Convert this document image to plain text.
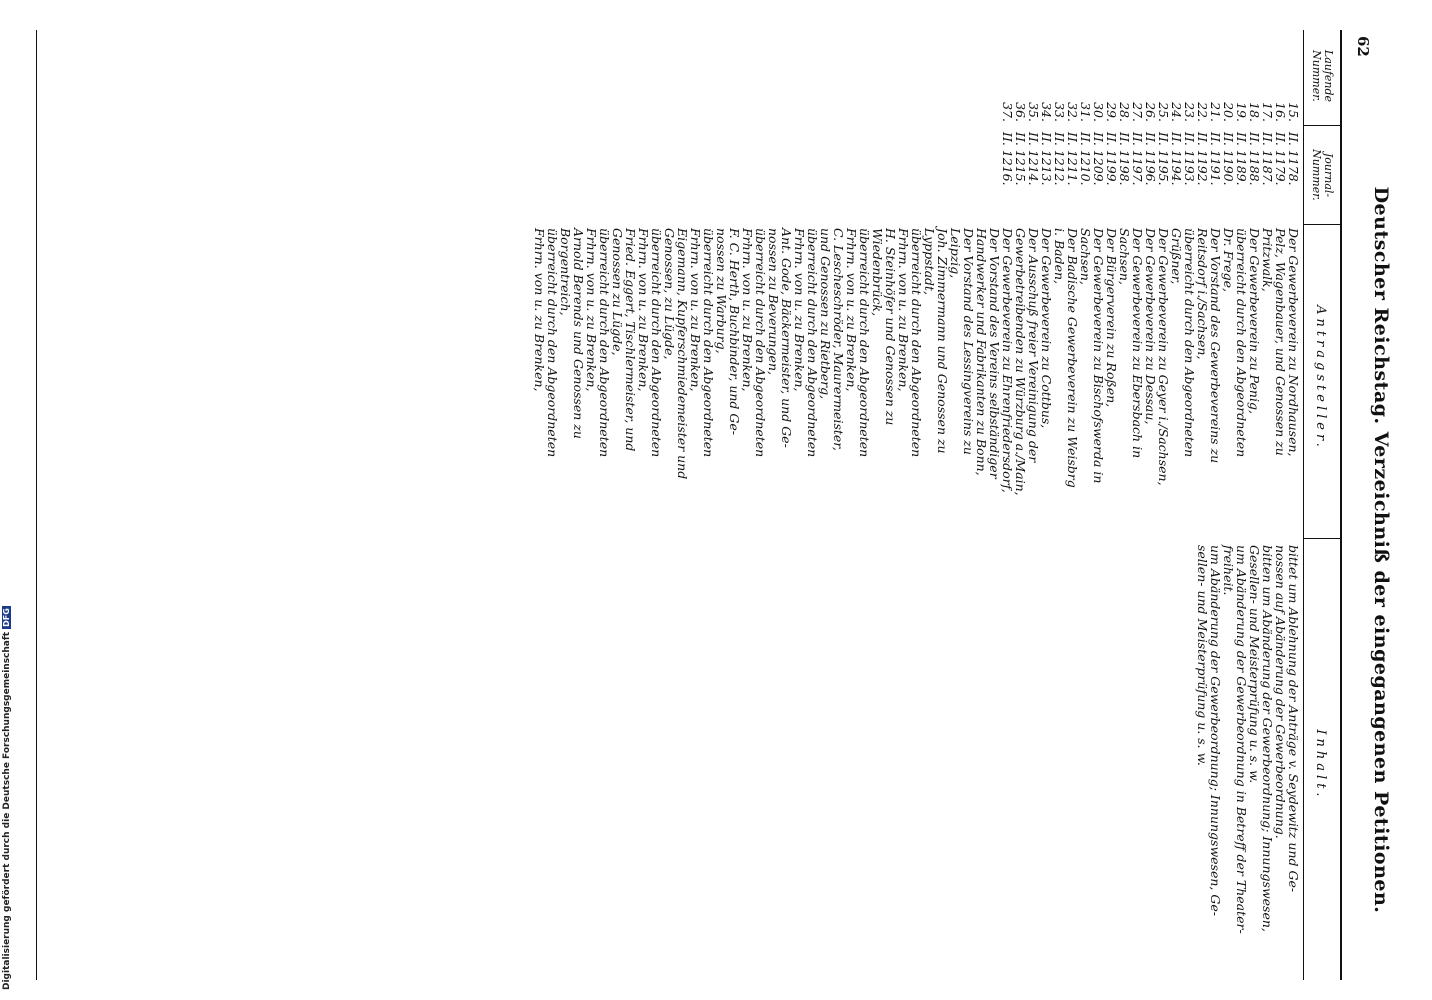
62
Deutscher Reichstag. Verzeichniß der eingegangenen Petitionen.
Laufende
Nummer.
Journal-
Nummer.
Antragsteller.
Inhalt.
15.
16.
17.
18.
19.
20.
21.
22.
23.
24.
25.
26.
27.
28.
29.
30.
31.
32.
33.
34.
35.
36.
37.
II. 1178.
II. 1179.
II. 1187.
II. 1188.
II. 1189.
II. 1190.
II. 1191.
II. 1192.
II. 1193.
II. 1194.
II. 1195.
II. 1196.
II. 1197.
II. 1198.
II. 1199.
II. 1209.
II. 1210.
II. 1211.
II. 1212.
II. 1213.
II. 1214.
II. 1215.
II. 1216.
Der Gewerbeverein zu Nordhausen,
Pelz, Wagenbauer, und Genossen zu
Pritzwalk,
Der Gewerbeverein zu Penig,
überreicht durch den Abgeordneten
Dr. Frege,
Der Vorstand des Gewerbevereins zu
Reitsdorf i./Sachsen,
überreicht durch den Abgeordneten
Grüßner,
Der Gewerbeverein zu Geyer i./Sachsen,
Der Gewerbeverein zu Dessau,
Der Gewerbeverein zu Ebersbach in
Sachsen,
Der Bürgerverein zu Roßen,
Der Gewerbeverein zu Bischofswerda in
Sachsen,
Der Badische Gewerbeverein zu Weisbrg
i. Baden,
Der Gewerbeverein zu Cottbus,
Der Ausschuß freier Vereinigung der
Gewerbetreibenden zu Würzburg a./Main,
Der Gewerbeverein zu Ehrenfriedersdorf,
Der Vorstand des Vereins selbständiger
Handwerker und Fabrikanten zu Bonn,
Der Vorstand des Lessingvereins zu
Leipzig,
Joh. Zimmermann und Genossen zu
Lyppstadt,
überreicht durch den Abgeordneten
Frhrn. von u. zu Brenken,
H. Steinhöfer und Genossen zu
Wiedenbrück,
überreicht durch den Abgeordneten
Frhrn. von u. zu Brenken,
C. Lescheschröder, Maurermeister,
und Genossen zu Rietberg,
überreicht durch den Abgeordneten
Frhrn. von u. zu Brenken,
Ant. Gode, Bäckermeister, und Ge-
nossen zu Beverungen,
überreicht durch den Abgeordneten
Frhrn. von u. zu Brenken,
F. C. Herth, Buchbinder, und Ge-
nossen zu Warburg,
überreicht durch den Abgeordneten
Frhrn. von u. zu Brenken,
Eigemann, Kupferschmiedemeister und
Genossen, zu Lügde,
überreicht durch den Abgeordneten
Frhrn. von u. zu Brenken,
Fried. Eggert, Tischlermeister, und
Genossen zu Lügde,
überreicht durch den Abgeordneten
Frhrn. von u. zu Brenken,
Arnold Berends und Genossen zu
Borgentreich,
überreicht durch den Abgeordneten
Frhrn. von u. zu Brenken,
bittet um Ablehnung der Anträge v. Seydewitz und Ge-
nossen auf Abänderung der Gewerbeordnung.
bitten um Abänderung der Gewerbeordnung; Innungswesen,
Gesellen- und Meisterprüfung u. s. w.
um Abänderung der Gewerbeordnung in Betreff der Theater-
freiheit.
um Abänderung der Gewerbeordnung; Innungswesen, Ge-
sellen- und Meisterprüfung u. s. w.
Digitalisierung gefördert durch die Deutsche ForschungsgemeinschaftDFG
